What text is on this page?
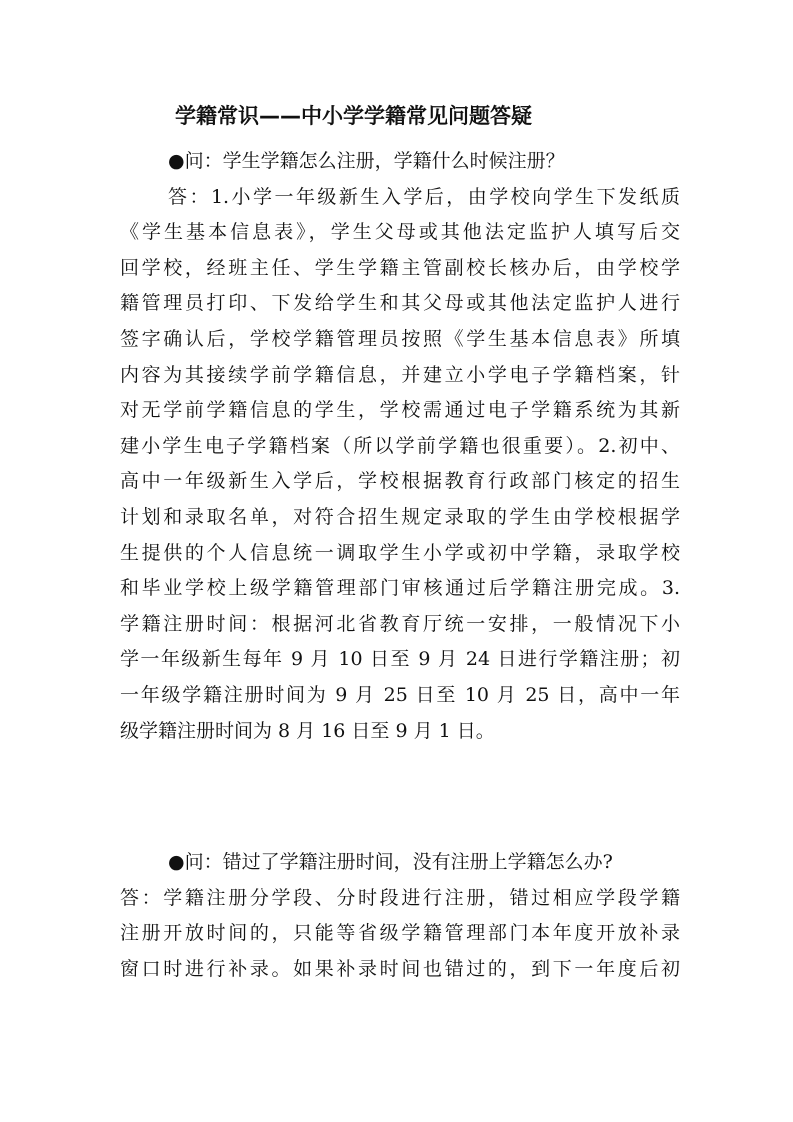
学籍常识——中小学学籍常见问题答疑
●问：学生学籍怎么注册，学籍什么时候注册？
答：1.小学一年级新生入学后，由学校向学生下发纸质
《学生基本信息表》，学生父母或其他法定监护人填写后交
回学校，经班主任、学生学籍主管副校长核办后，由学校学
籍管理员打印、下发给学生和其父母或其他法定监护人进行
签字确认后，学校学籍管理员按照《学生基本信息表》所填
内容为其接续学前学籍信息，并建立小学电子学籍档案，针
对无学前学籍信息的学生，学校需通过电子学籍系统为其新
建小学生电子学籍档案（所以学前学籍也很重要）。2.初中、
高中一年级新生入学后，学校根据教育行政部门核定的招生
计划和录取名单，对符合招生规定录取的学生由学校根据学
生提供的个人信息统一调取学生小学或初中学籍，录取学校
和毕业学校上级学籍管理部门审核通过后学籍注册完成。3.
学籍注册时间：根据河北省教育厅统一安排，一般情况下小
学一年级新生每年 9 月 10 日至 9 月 24 日进行学籍注册；初
一年级学籍注册时间为 9 月 25 日至 10 月 25 日，高中一年
级学籍注册时间为 8 月 16 日至 9 月 1 日。
●问：错过了学籍注册时间，没有注册上学籍怎么办?
答：学籍注册分学段、分时段进行注册，错过相应学段学籍
注册开放时间的，只能等省级学籍管理部门本年度开放补录
窗口时进行补录。如果补录时间也错过的，到下一年度后初
